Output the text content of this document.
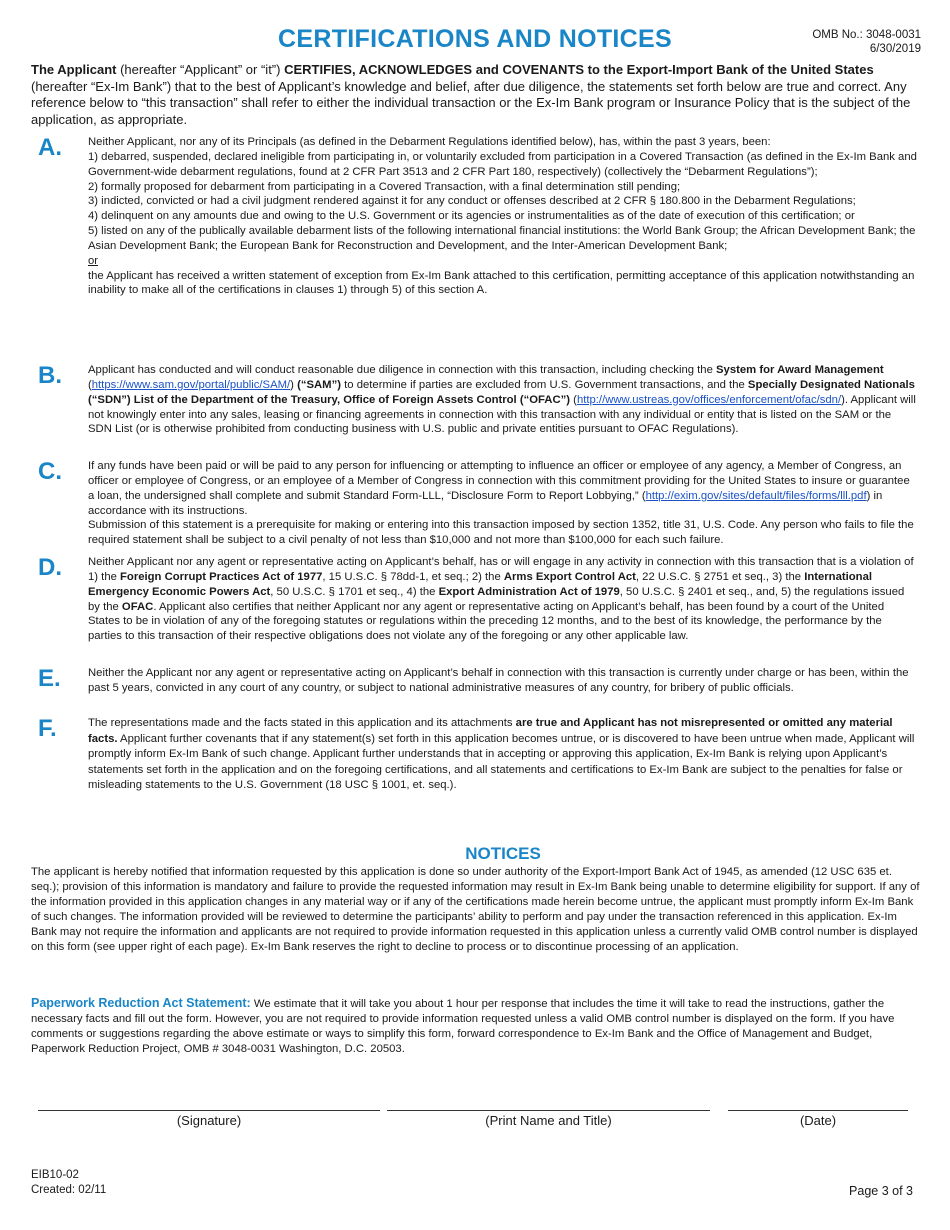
CERTIFICATIONS AND NOTICES	OMB No.: 3048-0031
6/30/2019
The Applicant (hereafter “Applicant” or “it”) CERTIFIES, ACKNOWLEDGES and COVENANTS to the Export-Import Bank of the United States (hereafter “Ex-Im Bank”) that to the best of Applicant’s knowledge and belief, after due diligence, the statements set forth below are true and correct. Any reference below to “this transaction” shall refer to either the individual transaction or the Ex-Im Bank program or Insurance Policy that is the subject of the application, as appropriate.
A. Neither Applicant, nor any of its Principals (as defined in the Debarment Regulations identified below), has, within the past 3 years, been:
1) debarred, suspended, declared ineligible from participating in, or voluntarily excluded from participation in a Covered Transaction (as defined in the Ex-Im Bank and Government-wide debarment regulations, found at 2 CFR Part 3513 and 2 CFR Part 180, respectively) (collectively the “Debarment Regulations”);
2) formally proposed for debarment from participating in a Covered Transaction, with a final determination still pending;
3) indicted, convicted or had a civil judgment rendered against it for any conduct or offenses described at 2 CFR § 180.800 in the Debarment Regulations;
4) delinquent on any amounts due and owing to the U.S. Government or its agencies or instrumentalities as of the date of execution of this certification; or
5) listed on any of the publically available debarment lists of the following international financial institutions: the World Bank Group; the African Development Bank; the Asian Development Bank; the European Bank for Reconstruction and Development, and the Inter-American Development Bank;
or
the Applicant has received a written statement of exception from Ex-Im Bank attached to this certification, permitting acceptance of this application notwithstanding an inability to make all of the certifications in clauses 1) through 5) of this section A.
B. Applicant has conducted and will conduct reasonable due diligence in connection with this transaction, including checking the System for Award Management (https://www.sam.gov/portal/public/SAM/) (“SAM”) to determine if parties are excluded from U.S. Government transactions, and the Specially Designated Nationals (“SDN”) List of the Department of the Treasury, Office of Foreign Assets Control (“OFAC”) (http://www.ustreas.gov/offices/enforcement/ofac/sdn/). Applicant will not knowingly enter into any sales, leasing or financing agreements in connection with this transaction with any individual or entity that is listed on the SAM or the SDN List (or is otherwise prohibited from conducting business with U.S. public and private entities pursuant to OFAC Regulations).
C. If any funds have been paid or will be paid to any person for influencing or attempting to influence an officer or employee of any agency, a Member of Congress, an officer or employee of Congress, or an employee of a Member of Congress in connection with this commitment providing for the United States to insure or guarantee a loan, the undersigned shall complete and submit Standard Form-LLL, “Disclosure Form to Report Lobbying,” (http://exim.gov/sites/default/files/forms/lll.pdf) in accordance with its instructions.
Submission of this statement is a prerequisite for making or entering into this transaction imposed by section 1352, title 31, U.S. Code. Any person who fails to file the required statement shall be subject to a civil penalty of not less than $10,000 and not more than $100,000 for each such failure.
D. Neither Applicant nor any agent or representative acting on Applicant’s behalf, has or will engage in any activity in connection with this transaction that is a violation of 1) the Foreign Corrupt Practices Act of 1977, 15 U.S.C. § 78dd-1, et seq.; 2) the Arms Export Control Act, 22 U.S.C. § 2751 et seq., 3) the International Emergency Economic Powers Act, 50 U.S.C. § 1701 et seq., 4) the Export Administration Act of 1979, 50 U.S.C. § 2401 et seq., and, 5) the regulations issued by the OFAC. Applicant also certifies that neither Applicant nor any agent or representative acting on Applicant’s behalf, has been found by a court of the United States to be in violation of any of the foregoing statutes or regulations within the preceding 12 months, and to the best of its knowledge, the performance by the parties to this transaction of their respective obligations does not violate any of the foregoing or any other applicable law.
E. Neither the Applicant nor any agent or representative acting on Applicant’s behalf in connection with this transaction is currently under charge or has been, within the past 5 years, convicted in any court of any country, or subject to national administrative measures of any country, for bribery of public officials.
F.	The representations made and the facts stated in this application and its attachments are true and Applicant has not misrepresented or omitted any material facts. Applicant further covenants that if any statement(s) set forth in this application becomes untrue, or is discovered to have been untrue when made, Applicant will promptly inform Ex-Im Bank of such change. Applicant further understands that in accepting or approving this application, Ex-Im Bank is relying upon Applicant’s statements set forth in the application and on the foregoing certifications, and all statements and certifications to Ex-Im Bank are subject to the penalties for false or misleading statements to the U.S. Government (18 USC § 1001, et. seq.).
NOTICES
The applicant is hereby notified that information requested by this application is done so under authority of the Export-Import Bank Act of 1945, as amended (12 USC 635 et. seq.); provision of this information is mandatory and failure to provide the requested information may result in Ex-Im Bank being unable to determine eligibility for support. If any of the information provided in this application changes in any material way or if any of the certifications made herein become untrue, the applicant must promptly inform Ex-Im Bank of such changes. The information provided will be reviewed to determine the participants’ ability to perform and pay under the transaction referenced in this application. Ex-Im Bank may not require the information and applicants are not required to provide information requested in this application unless a currently valid OMB control number is displayed on this form (see upper right of each page). Ex-Im Bank reserves the right to decline to process or to discontinue processing of an application.
Paperwork Reduction Act Statement: We estimate that it will take you about 1 hour per response that includes the time it will take to read the instructions, gather the necessary facts and fill out the form. However, you are not required to provide information requested unless a valid OMB control number is displayed on the form. If you have comments or suggestions regarding the above estimate or ways to simplify this form, forward correspondence to Ex-Im Bank and the Office of Management and Budget, Paperwork Reduction Project, OMB # 3048-0031 Washington, D.C. 20503.
(Signature)	(Print Name and Title)	(Date)
EIB10-02
Created: 02/11	Page 3 of 3
